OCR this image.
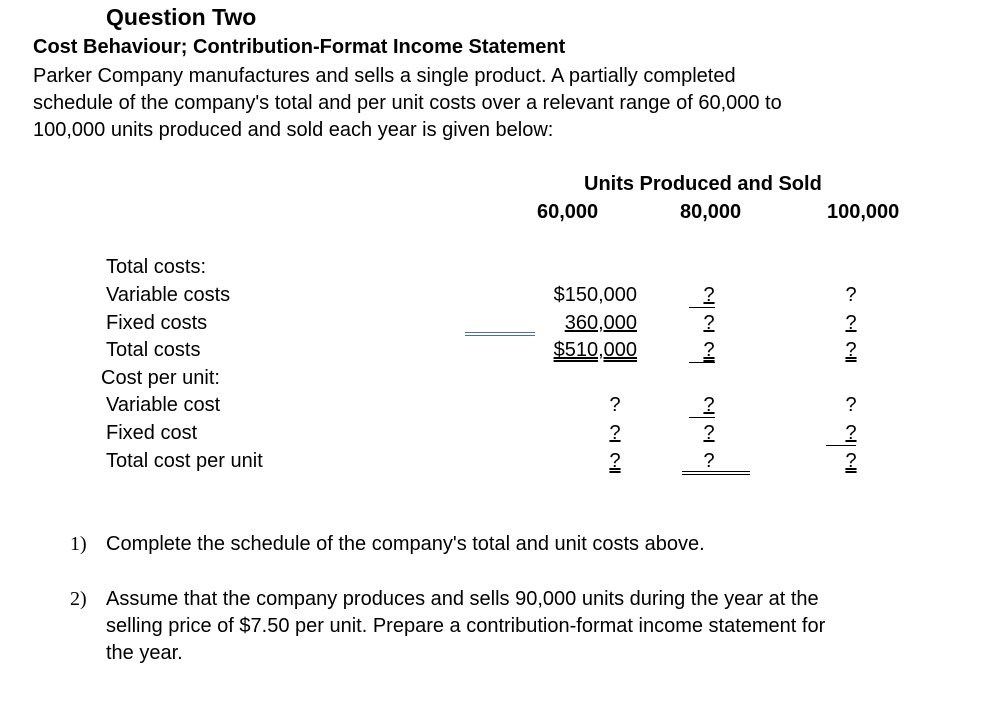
Question Two
Cost Behaviour; Contribution-Format Income Statement
Parker Company manufactures and sells a single product. A partially completed
schedule of the company's total and per unit costs over a relevant range of 60,000 to
100,000 units produced and sold each year is given below:
Units Produced and Sold
60,000	80,000	100,000
Total costs:
Variable costs
Fixed costs
Total costs
Cost per unit:
Variable cost
Fixed cost
Total cost per unit
$150,000
360,000
$510,000
?
?
?
?
?
?
?
?
?
?
?
?
?
?
?
1) Complete the schedule of the company's total and unit costs above.
2) Assume that the company produces and sells 90,000 units during the year at the
selling price of $7.50 per unit. Prepare a contribution-format income statement for
the year.
